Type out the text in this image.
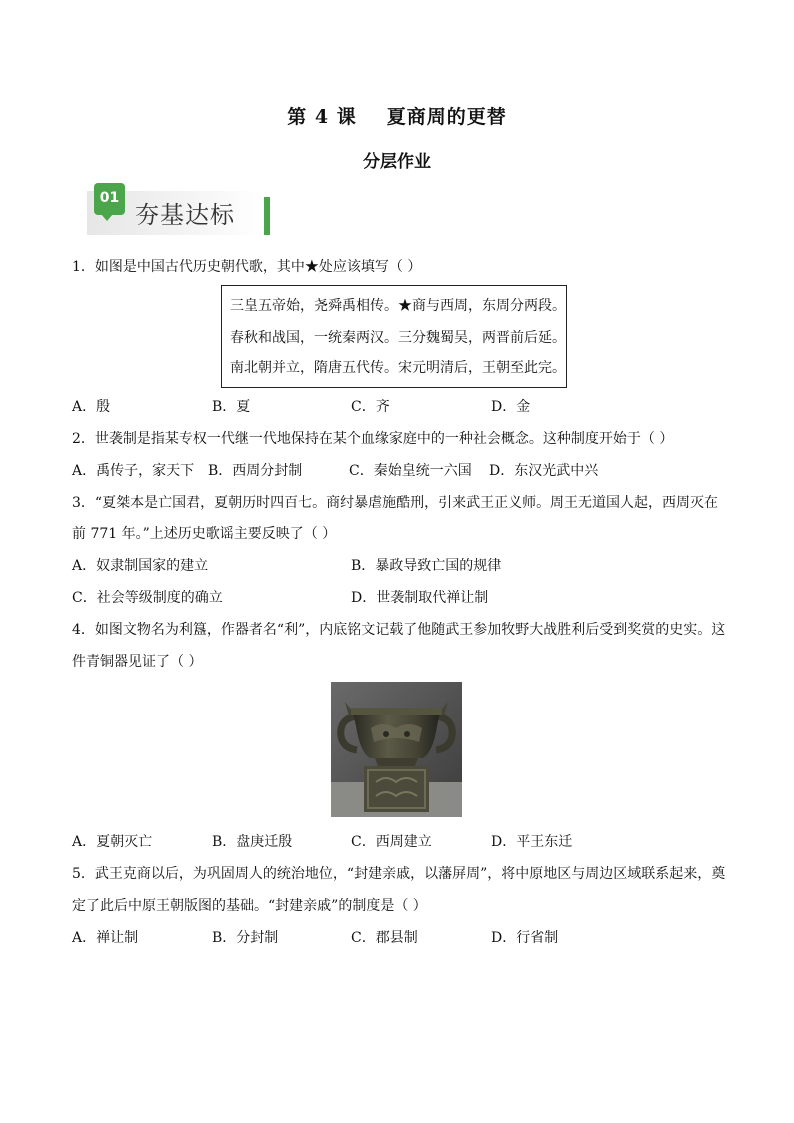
第 4 课 夏商周的更替
分层作业
01
夯基达标
1．如图是中国古代历史朝代歌，其中★处应该填写（ ）
三皇五帝始，尧舜禹相传。★商与西周，东周分两段。
春秋和战国，一统秦两汉。三分魏蜀吴，两晋前后延。
南北朝并立，隋唐五代传。宋元明清后，王朝至此完。
A．殷	B．夏	C．齐	D．金
2．世袭制是指某专权一代继一代地保持在某个血缘家庭中的一种社会概念。这种制度开始于（ ）
A．禹传子，家天下 B．西周分封制	C．秦始皇统一六国 D．东汉光武中兴
3．“夏桀本是亡国君，夏朝历时四百七。商纣暴虐施酷刑，引来武王正义师。周王无道国人起，西周灭在
前 771 年。”上述历史歌谣主要反映了（ ）
A．奴隶制国家的建立	B．暴政导致亡国的规律
C．社会等级制度的确立	D．世袭制取代禅让制
4．如图文物名为利簋，作器者名“利”，内底铭文记载了他随武王参加牧野大战胜利后受到奖赏的史实。这
件青铜器见证了（ ）
A．夏朝灭亡	B．盘庚迁殷	C．西周建立	D．平王东迁
5．武王克商以后，为巩固周人的统治地位，“封建亲戚，以藩屏周”，将中原地区与周边区域联系起来，奠
定了此后中原王朝版图的基础。“封建亲戚”的制度是（ ）
A．禅让制	B．分封制	C．郡县制	D．行省制
